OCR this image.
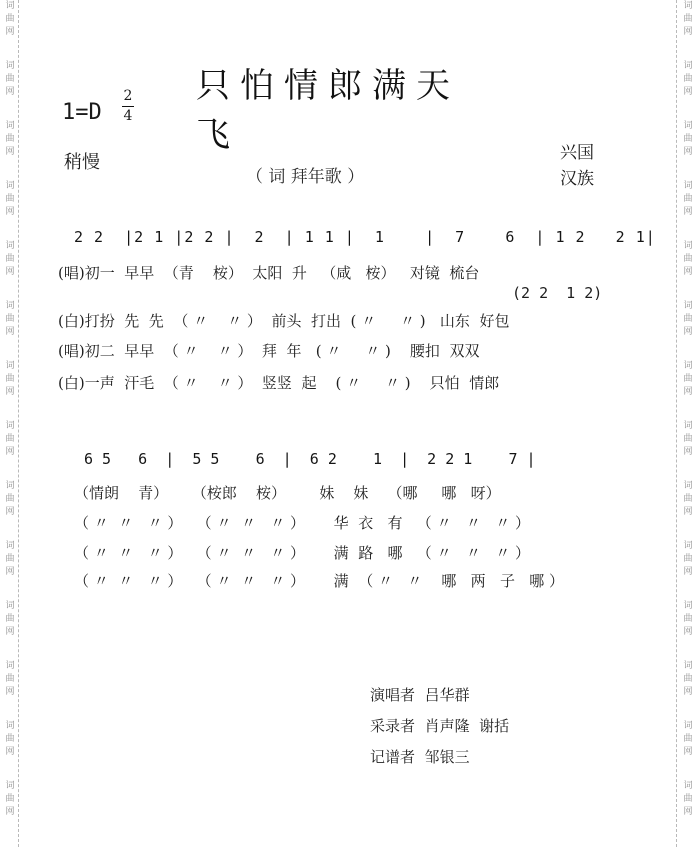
词
曲
网
词
曲
网
词
曲
网
词
曲
网
词
曲
网
词
曲
网
词
曲
网
词
曲
网
词
曲
网
词
曲
网
词
曲
网
词
曲
网
词
曲
网
词
曲
网
词
曲
网
词
曲
网
词
曲
网
词
曲
网
词
曲
网
词
曲
网
词
曲
网
词
曲
网
词
曲
网
词
曲
网
词
曲
网
词
曲
网
词
曲
网
词
曲
网
只怕情郎满天飞
（ 词 拜年歌 ）
1=D
2
4
稍慢	兴国
汉族
2 2  |2 1 |2 2 |  2  | 1 1 |  1    |  7    6  | 1 2   2 1|
(唱)初一  早早  （青    桉）  太阳  升   （咸   桉）   对镜  梳台
(2 2  1 2)
(白)打扮  先  先  （ 〃    〃 ）  前头  打出  ( 〃     〃 )   山东  好包
(唱)初二  早早  （ 〃    〃 ）  拜  年   ( 〃     〃 )    腰扣  双双
(白)一声  汗毛  （ 〃    〃 ）  竖竖  起    ( 〃     〃 )    只怕  情郎
6 5   6  |  5 5    6  |  6 2    1  |  2 2 1    7 |
（情朗    青）     （桉郎    桉）       妹    妹    （哪     哪   呀）
（ 〃  〃   〃 ）   （ 〃  〃   〃 ）      华  衣   有   （ 〃   〃   〃 ）
（ 〃  〃   〃 ）   （ 〃  〃   〃 ）      满  路   哪   （ 〃   〃   〃 ）
（ 〃  〃   〃 ）   （ 〃  〃   〃 ）      满  （ 〃   〃    哪   两   子   哪 ）
演唱者 吕华群
采录者 肖声隆  谢括
记谱者 邹银三
